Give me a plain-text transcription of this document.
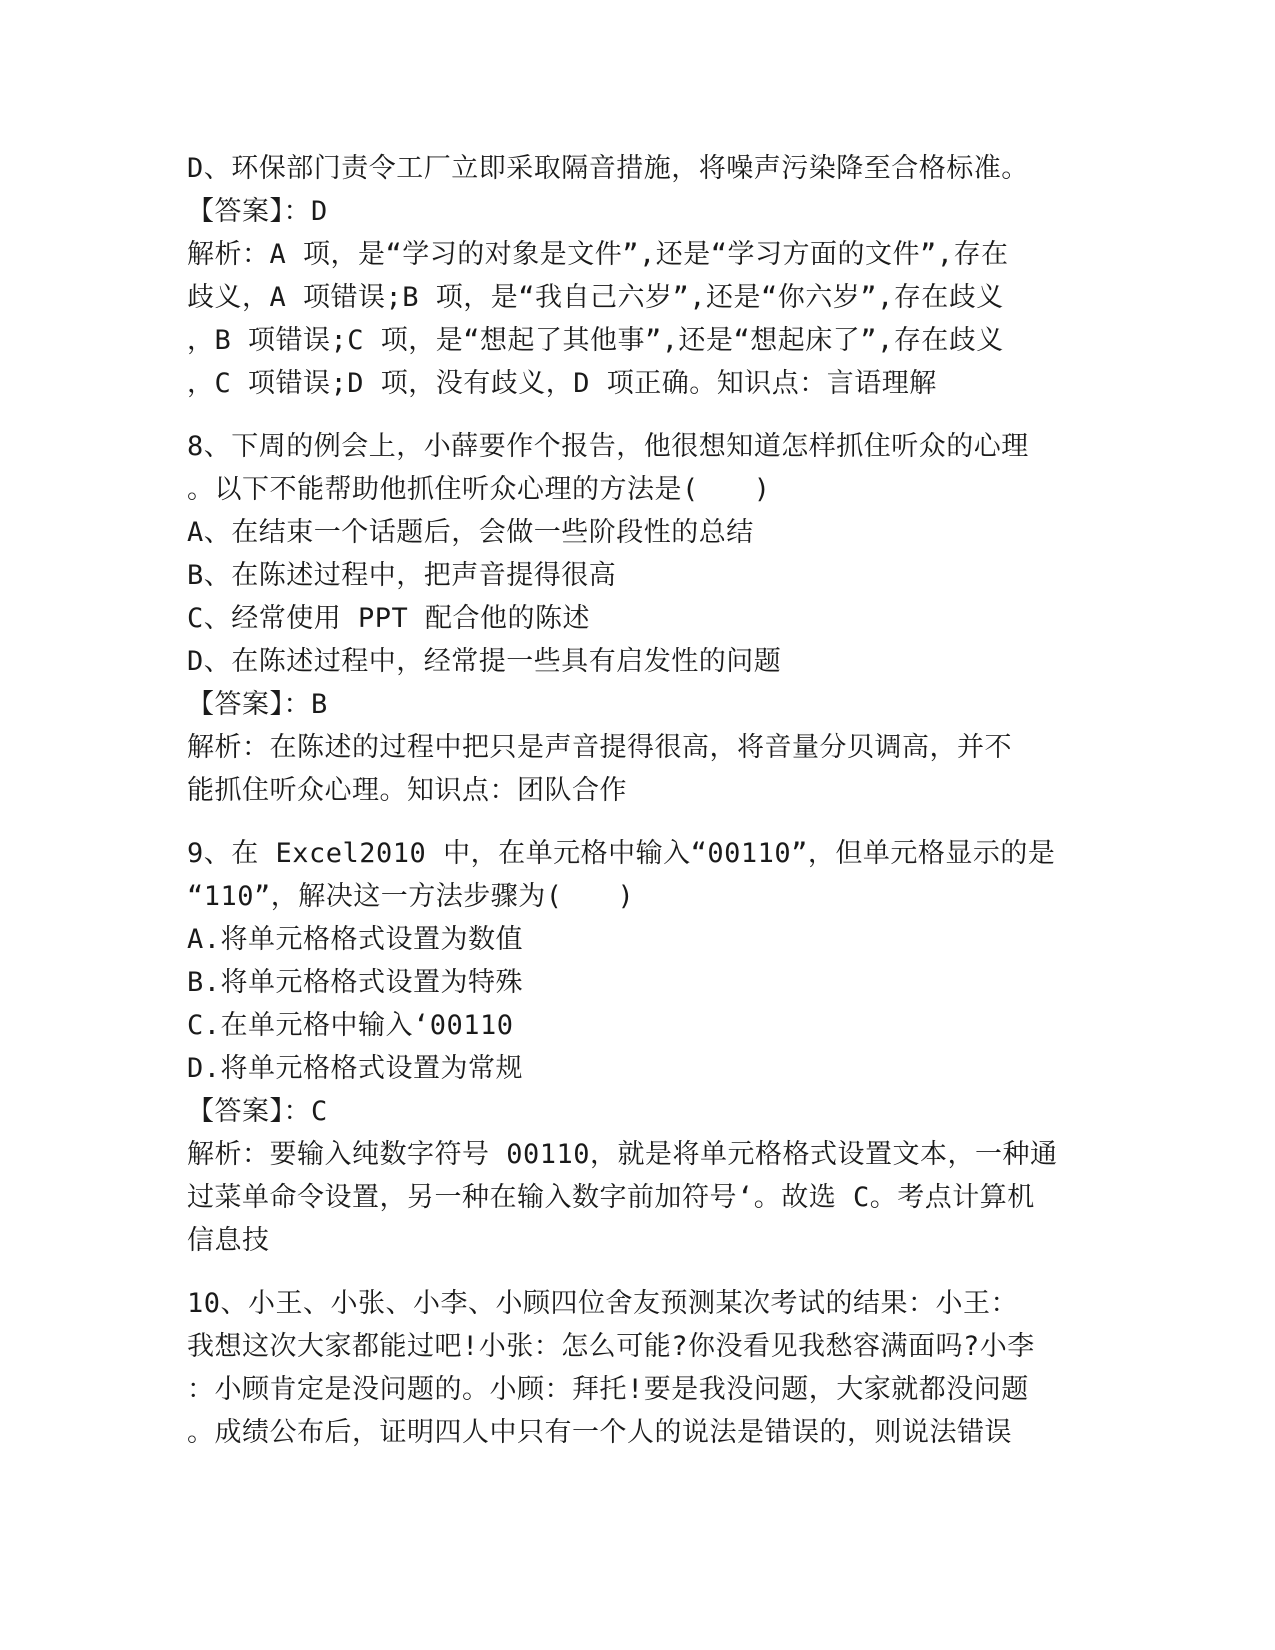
D、环保部门责令工厂立即采取隔音措施，将噪声污染降至合格标准。
【答案】：D
解析：A 项，是“学习的对象是文件”,还是“学习方面的文件”,存在
歧义，A 项错误;B 项，是“我自己六岁”,还是“你六岁”,存在歧义
，B 项错误;C 项，是“想起了其他事”,还是“想起床了”,存在歧义
，C 项错误;D 项，没有歧义，D 项正确。知识点：言语理解
8、下周的例会上，小薛要作个报告，他很想知道怎样抓住听众的心理
。以下不能帮助他抓住听众心理的方法是(　　)
A、在结束一个话题后，会做一些阶段性的总结
B、在陈述过程中，把声音提得很高
C、经常使用 PPT 配合他的陈述
D、在陈述过程中，经常提一些具有启发性的问题
【答案】：B
解析：在陈述的过程中把只是声音提得很高，将音量分贝调高，并不
能抓住听众心理。知识点：团队合作
9、在 Excel2010 中，在单元格中输入“00110”，但单元格显示的是
“110”，解决这一方法步骤为(　　)
A.将单元格格式设置为数值
B.将单元格格式设置为特殊
C.在单元格中输入‘00110
D.将单元格格式设置为常规
【答案】：C
解析：要输入纯数字符号 00110，就是将单元格格式设置文本，一种通
过菜单命令设置，另一种在输入数字前加符号‘。故选 C。考点计算机
信息技
10、小王、小张、小李、小顾四位舍友预测某次考试的结果：小王：
我想这次大家都能过吧!小张：怎么可能?你没看见我愁容满面吗?小李
：小顾肯定是没问题的。小顾：拜托!要是我没问题，大家就都没问题
。成绩公布后，证明四人中只有一个人的说法是错误的，则说法错误
